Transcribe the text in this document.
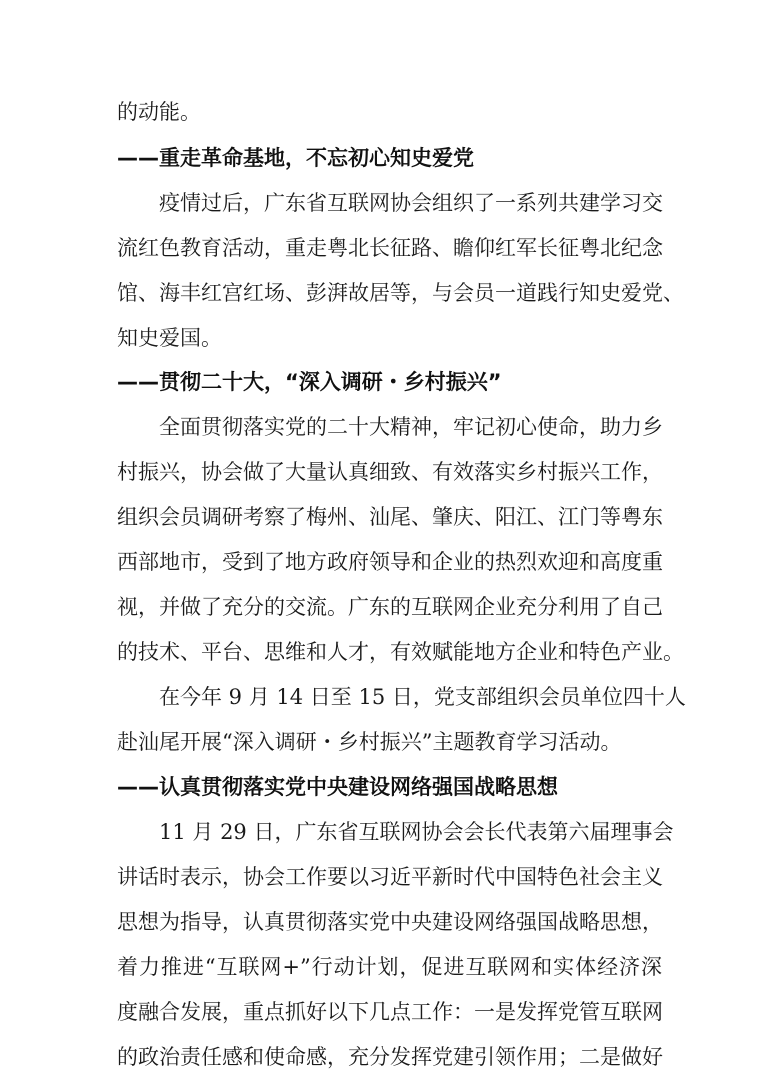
的动能。
——重走革命基地，不忘初心知史爱党
疫情过后，广东省互联网协会组织了一系列共建学习交
流红色教育活动，重走粤北长征路、瞻仰红军长征粤北纪念
馆、海丰红宫红场、彭湃故居等，与会员一道践行知史爱党、
知史爱国。
——贯彻二十大，“深入调研・乡村振兴”
全面贯彻落实党的二十大精神，牢记初心使命，助力乡
村振兴，协会做了大量认真细致、有效落实乡村振兴工作，
组织会员调研考察了梅州、汕尾、肇庆、阳江、江门等粤东
西部地市，受到了地方政府领导和企业的热烈欢迎和高度重
视，并做了充分的交流。广东的互联网企业充分利用了自己
的技术、平台、思维和人才，有效赋能地方企业和特色产业。
在今年 9 月 14 日至 15 日，党支部组织会员单位四十人
赴汕尾开展“深入调研・乡村振兴”主题教育学习活动。
——认真贯彻落实党中央建设网络强国战略思想
11 月 29 日，广东省互联网协会会长代表第六届理事会
讲话时表示，协会工作要以习近平新时代中国特色社会主义
思想为指导，认真贯彻落实党中央建设网络强国战略思想，
着力推进“互联网+”行动计划，促进互联网和实体经济深
度融合发展，重点抓好以下几点工作：一是发挥党管互联网
的政治责任感和使命感，充分发挥党建引领作用；二是做好
